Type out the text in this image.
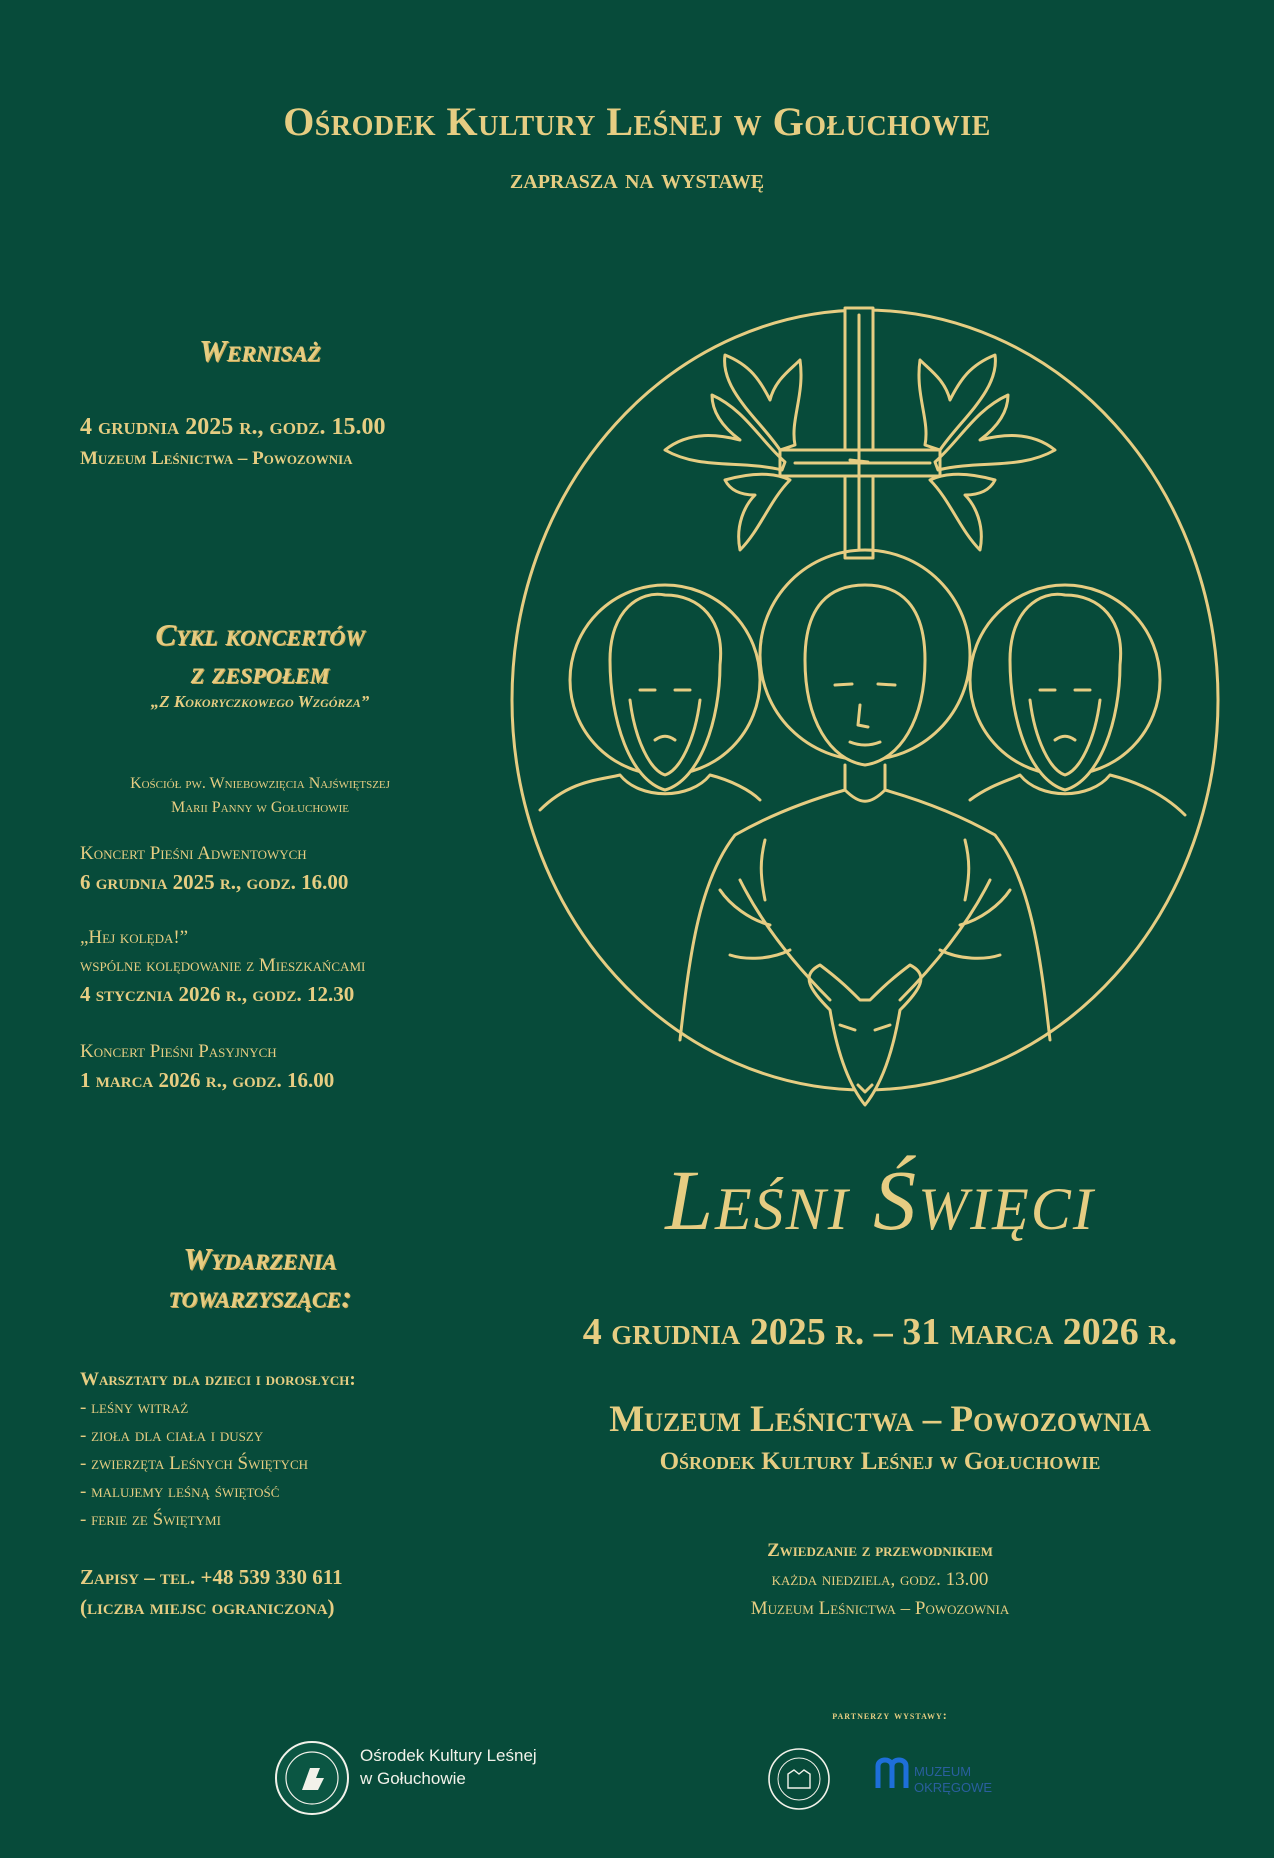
Ośrodek Kultury Leśnej w Gołuchowie
zaprasza na wystawę
Wernisaż
4 grudnia 2025 r., godz. 15.00
Muzeum Leśnictwa – Powozownia
Cykl koncertów
z zespołem
„Z Kokoryczkowego Wzgórza”
Kościół pw. Wniebowzięcia Najświętszej
Marii Panny w Gołuchowie
Koncert Pieśni Adwentowych
6 grudnia 2025 r., godz. 16.00
„Hej kolęda!”
wspólne kolędowanie z Mieszkańcami
4 stycznia 2026 r., godz. 12.30
Koncert Pieśni Pasyjnych
1 marca 2026 r., godz. 16.00
Wydarzenia
towarzyszące:
Warsztaty dla dzieci i dorosłych:
- leśny witraż
- zioła dla ciała i duszy
- zwierzęta Leśnych Świętych
- malujemy leśną świętość
- ferie ze Świętymi
Zapisy – tel. +48 539 330 611
(liczba miejsc ograniczona)
Leśni Święci
4 grudnia 2025 r. – 31 marca 2026 r.
Muzeum Leśnictwa – Powozownia
Ośrodek Kultury Leśnej w Gołuchowie
Zwiedzanie z przewodnikiem
każda niedziela, godz. 13.00
Muzeum Leśnictwa – Powozownia
Ośrodek Kultury Leśnej
w Gołuchowie
partnerzy wystawy:
MUZEUM
OKRĘGOWE
